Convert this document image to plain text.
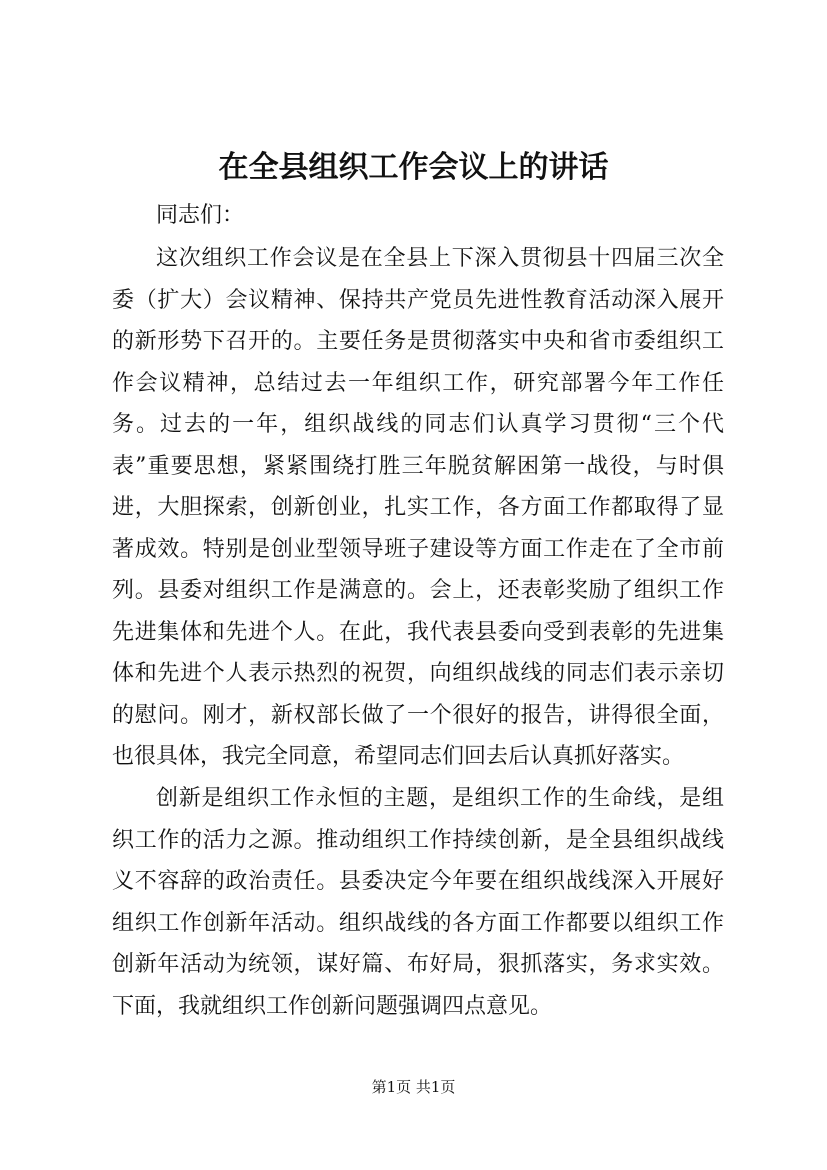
在全县组织工作会议上的讲话

同志们：

这次组织工作会议是在全县上下深入贯彻县十四届三次全委（扩大）会议精神、保持共产党员先进性教育活动深入展开的新形势下召开的。主要任务是贯彻落实中央和省市委组织工作会议精神，总结过去一年组织工作，研究部署今年工作任务。过去的一年，组织战线的同志们认真学习贯彻“三个代表”重要思想，紧紧围绕打胜三年脱贫解困第一战役，与时俱进，大胆探索，创新创业，扎实工作，各方面工作都取得了显著成效。特别是创业型领导班子建设等方面工作走在了全市前列。县委对组织工作是满意的。会上，还表彰奖励了组织工作先进集体和先进个人。在此，我代表县委向受到表彰的先进集体和先进个人表示热烈的祝贺，向组织战线的同志们表示亲切的慰问。刚才，新权部长做了一个很好的报告，讲得很全面，也很具体，我完全同意，希望同志们回去后认真抓好落实。

创新是组织工作永恒的主题，是组织工作的生命线，是组织工作的活力之源。推动组织工作持续创新，是全县组织战线义不容辞的政治责任。县委决定今年要在组织战线深入开展好组织工作创新年活动。组织战线的各方面工作都要以组织工作创新年活动为统领，谋好篇、布好局，狠抓落实，务求实效。下面，我就组织工作创新问题强调四点意见。

第1页 共1页
